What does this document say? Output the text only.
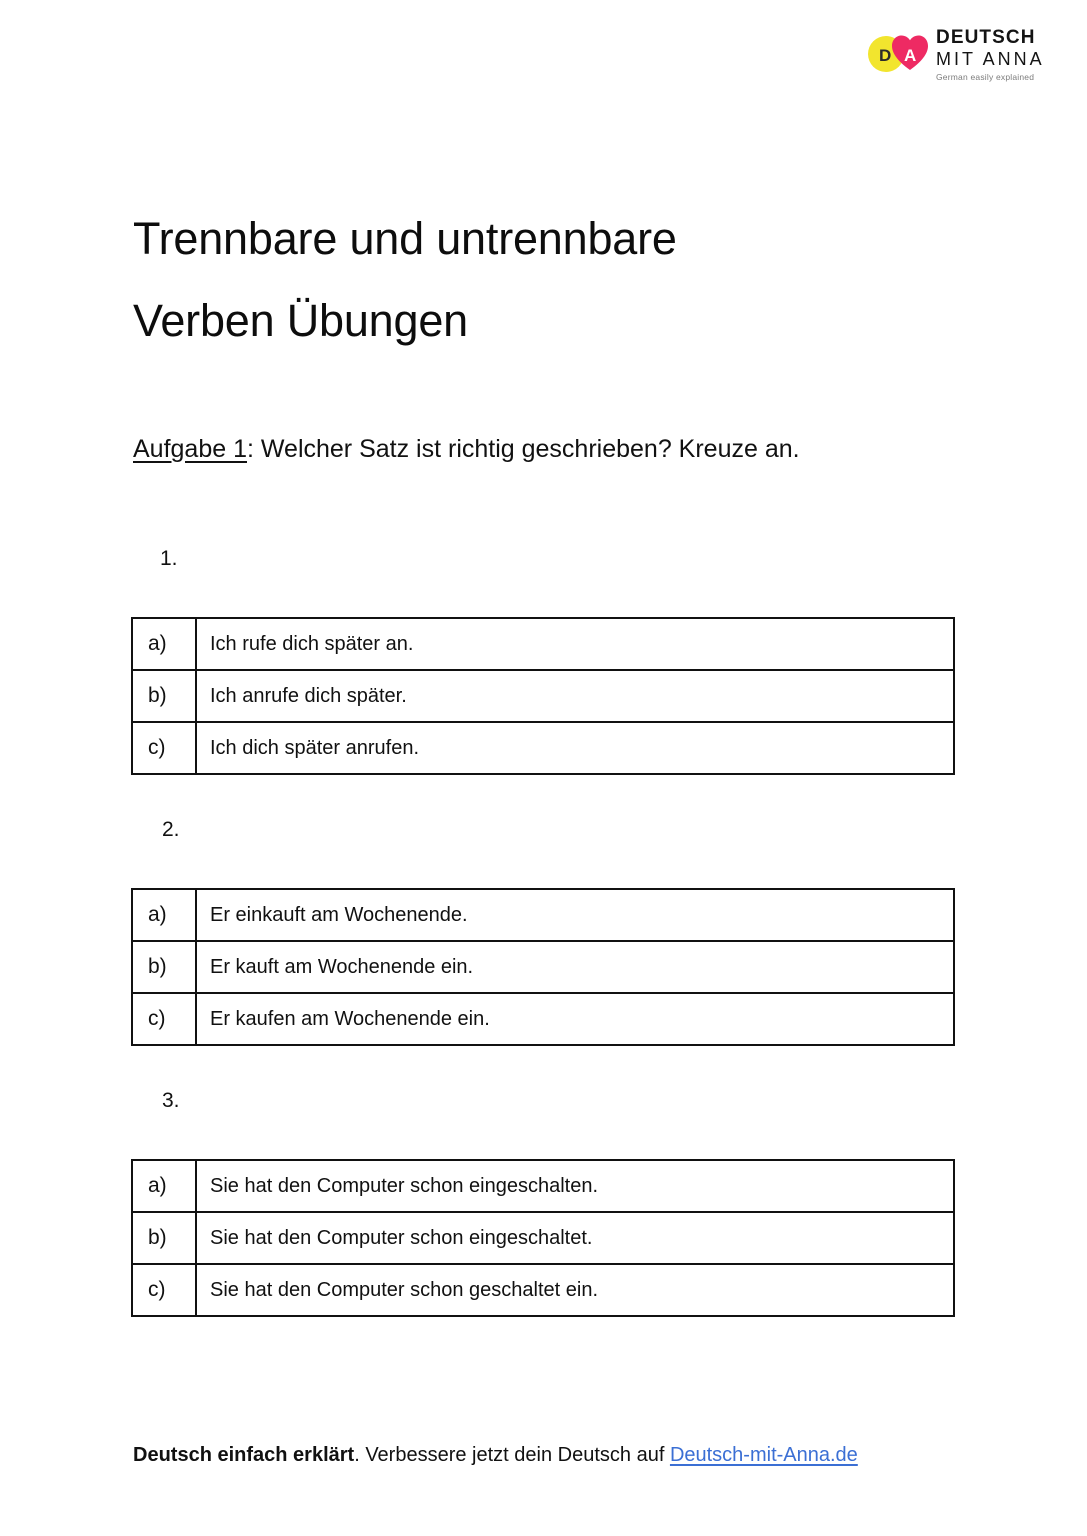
D A
DEUTSCH
MIT ANNA
German easily explained
Trennbare und untrennbare
Verben Übungen

Aufgabe 1: Welcher Satz ist richtig geschrieben? Kreuze an.

1.
a)	Ich rufe dich später an.
b)	Ich anrufe dich später.
c)	Ich dich später anrufen.
2.
a)	Er einkauft am Wochenende.
b)	Er kauft am Wochenende ein.
c)	Er kaufen am Wochenende ein.
3.
a)	Sie hat den Computer schon eingeschalten.
b)	Sie hat den Computer schon eingeschaltet.
c)	Sie hat den Computer schon geschaltet ein.
Deutsch einfach erklärt. Verbessere jetzt dein Deutsch auf Deutsch-mit-Anna.de
